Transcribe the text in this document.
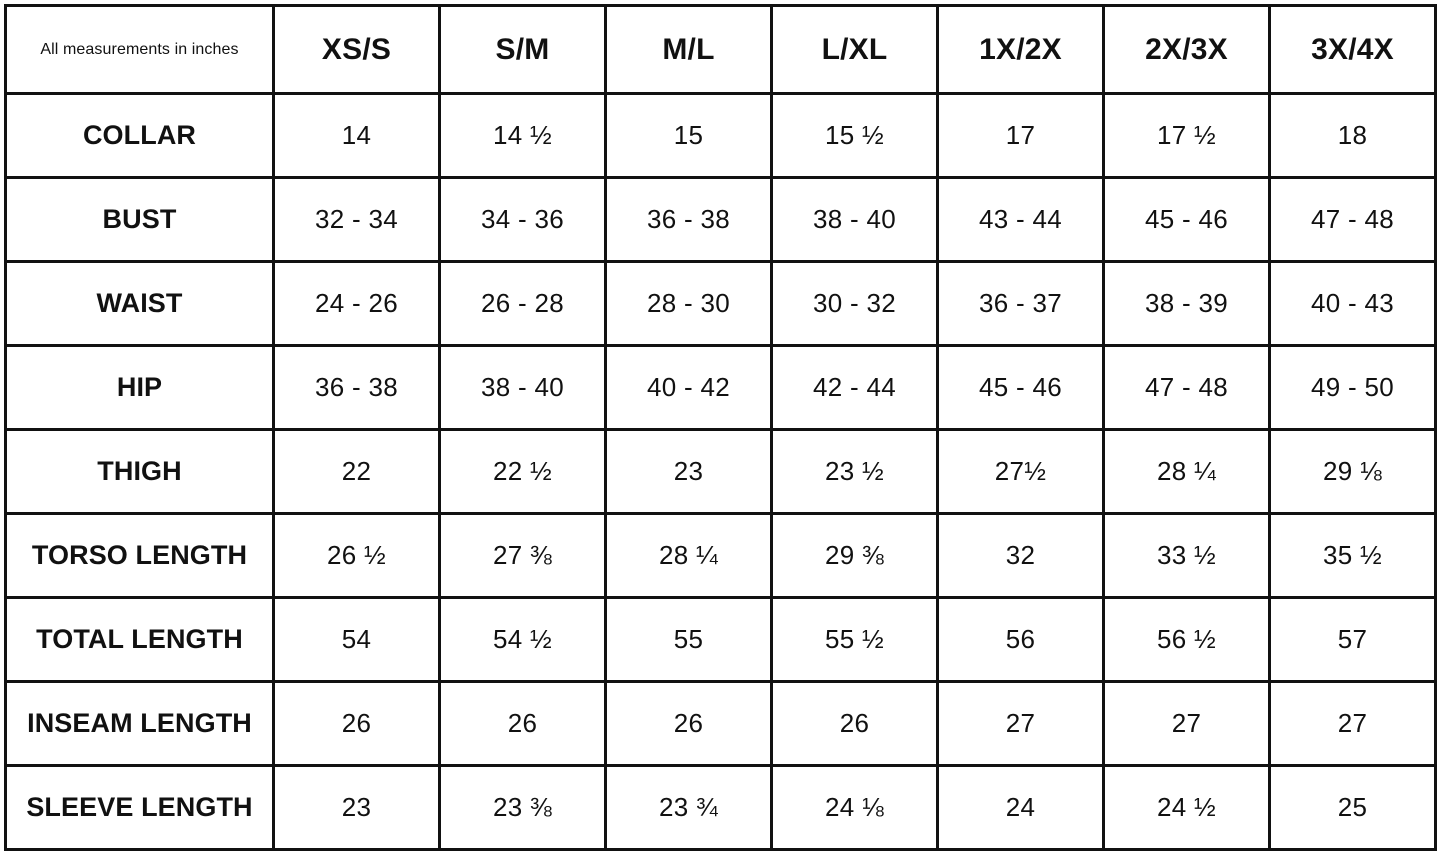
All measurements in inches	XS/S	S/M	M/L	L/XL	1X/2X	2X/3X	3X/4X
COLLAR	14	14 ½	15	15 ½	17	17 ½	18
BUST	32 - 34	34 - 36	36 - 38	38 - 40	43 - 44	45 - 46	47 - 48
WAIST	24 - 26	26 - 28	28 - 30	30 - 32	36 - 37	38 - 39	40 - 43
HIP	36 - 38	38 - 40	40 - 42	42 - 44	45 - 46	47 - 48	49 - 50
THIGH	22	22 ½	23	23 ½	27½	28 ¼	29 ⅛
TORSO LENGTH	26 ½	27 ⅜	28 ¼	29 ⅜	32	33 ½	35 ½
TOTAL LENGTH	54	54 ½	55	55 ½	56	56 ½	57
INSEAM LENGTH	26	26	26	26	27	27	27
SLEEVE LENGTH	23	23 ⅜	23 ¾	24 ⅛	24	24 ½	25
